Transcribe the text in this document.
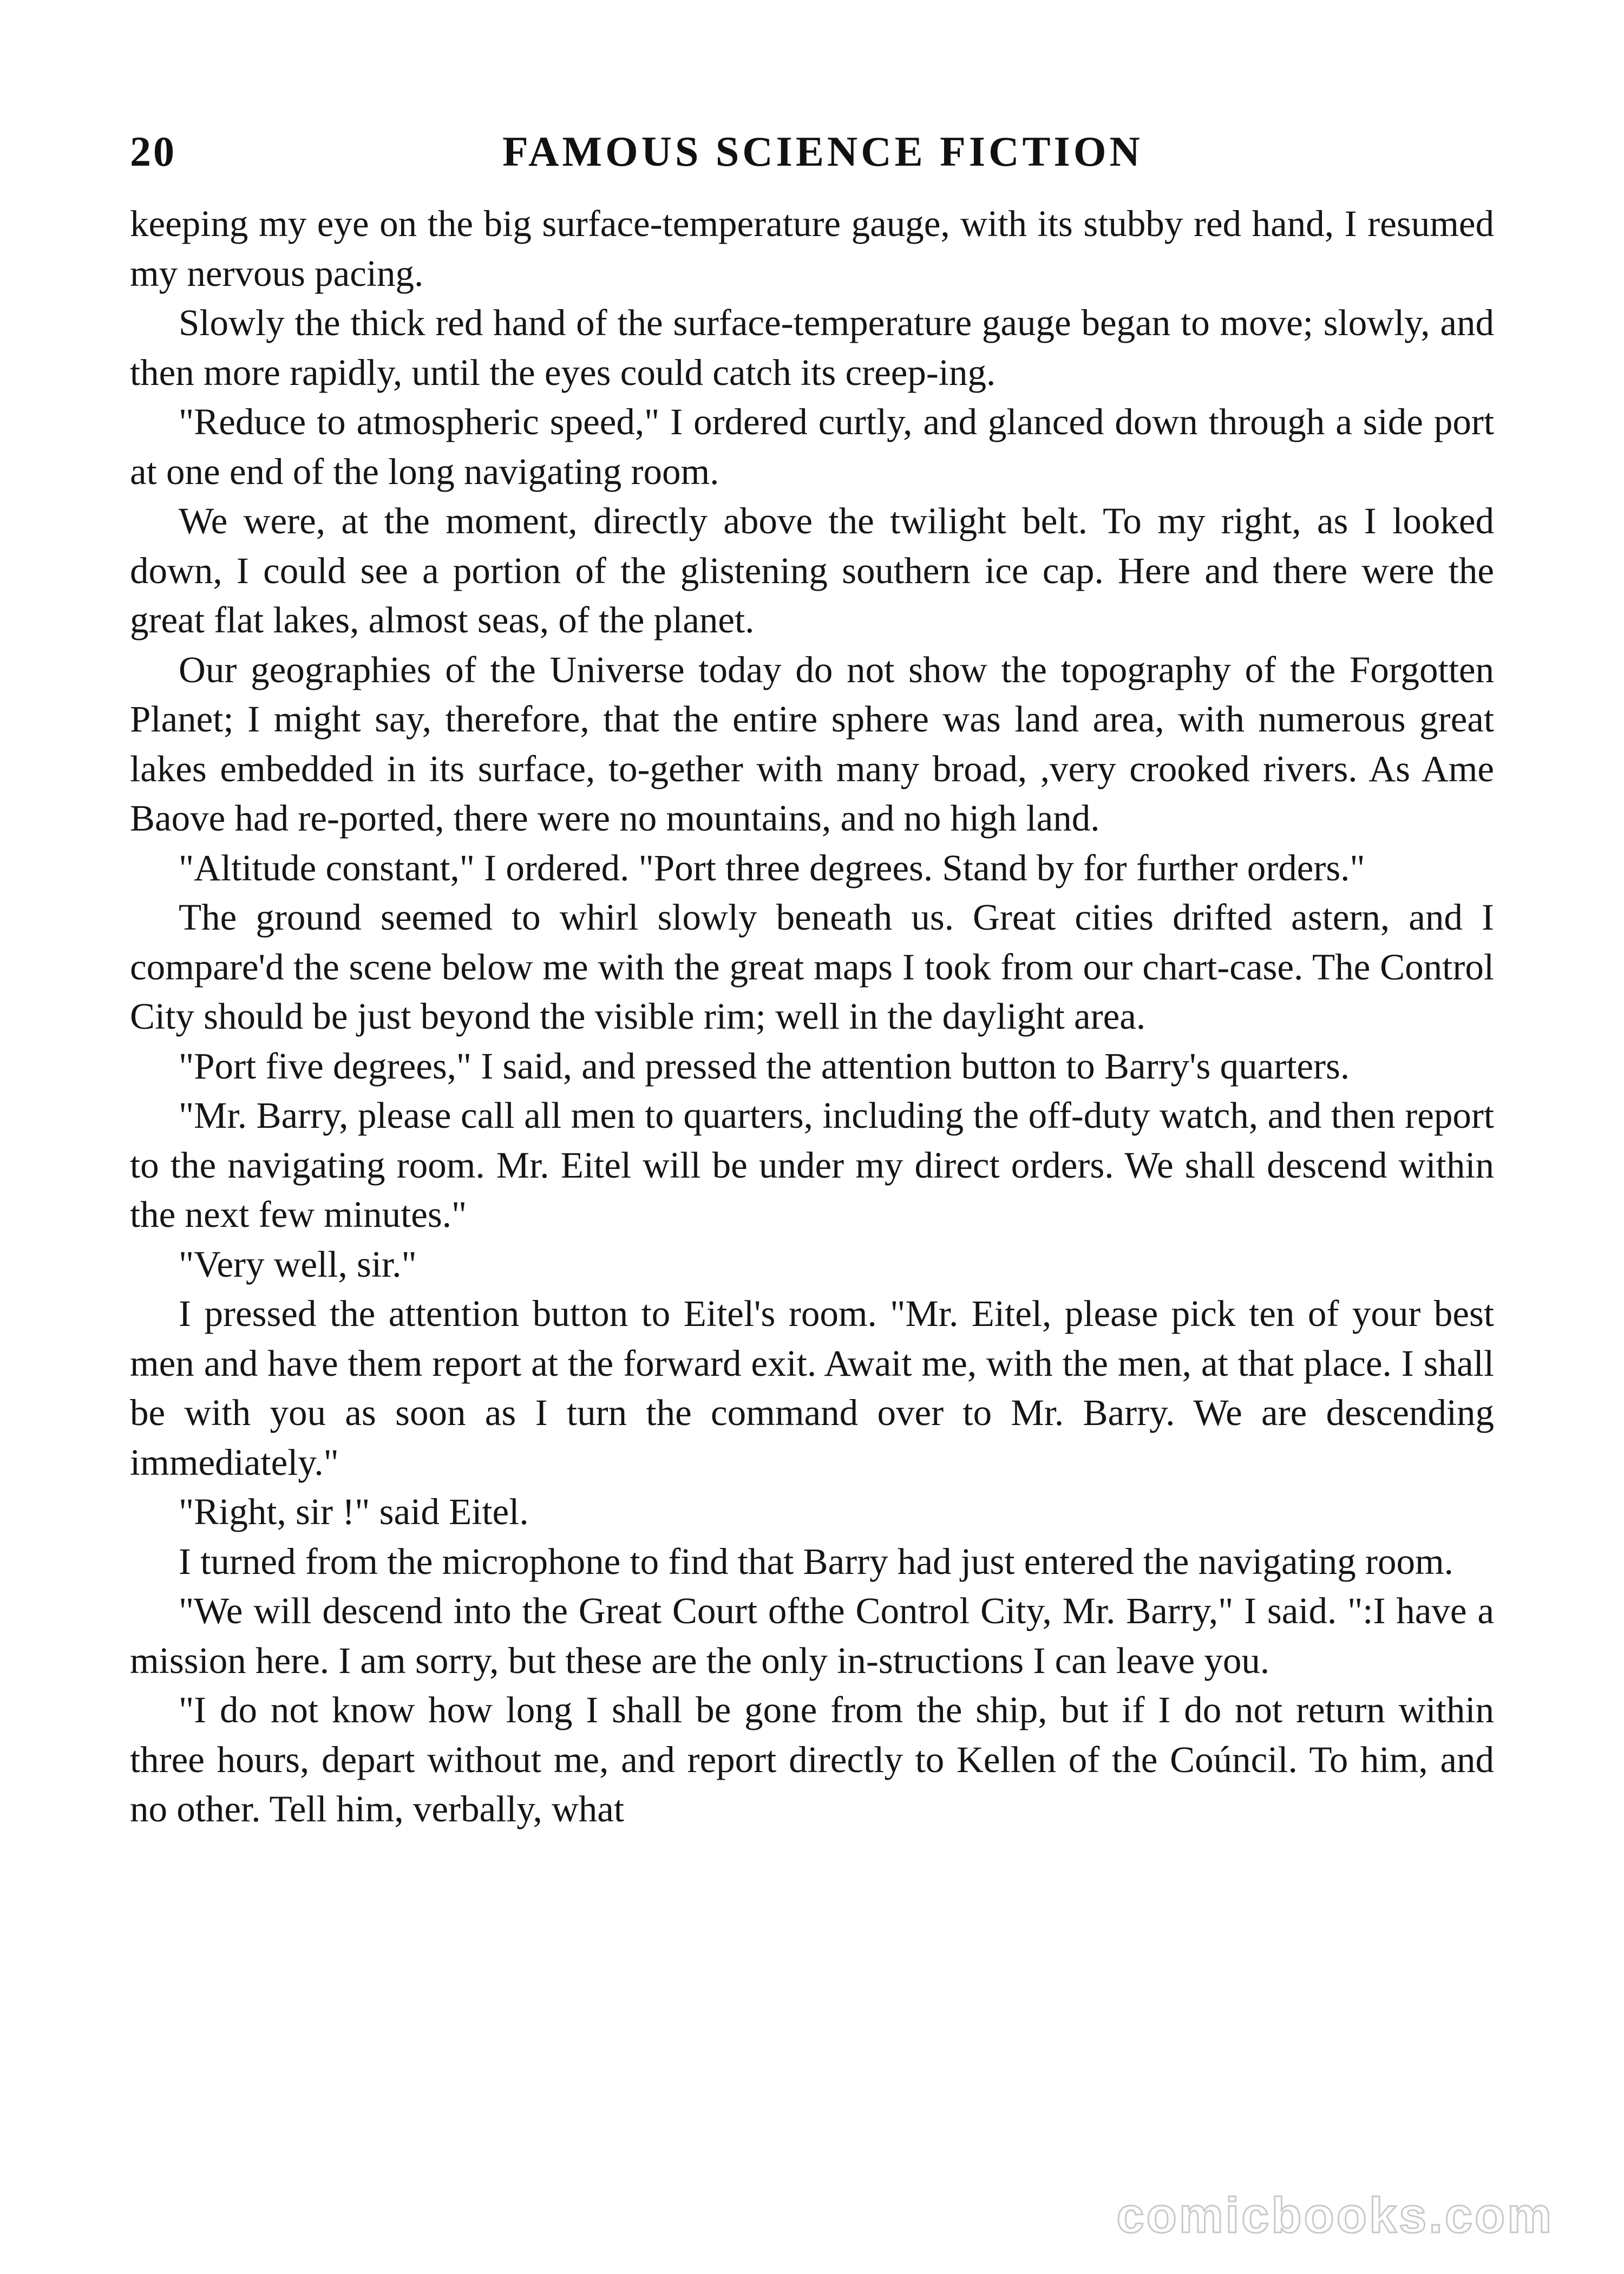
20	FAMOUS SCIENCE FICTION

keeping my eye on the big surface-temperature gauge, with its stubby red hand, I resumed my nervous pacing.

Slowly the thick red hand of the surface-temperature gauge began to move; slowly, and then more rapidly, until the eyes could catch its creep-ing.

"Reduce to atmospheric speed," I ordered curtly, and glanced down through a side port at one end of the long navigating room.

We were, at the moment, directly above the twilight belt. To my right, as I looked down, I could see a portion of the glistening southern ice cap. Here and there were the great flat lakes, almost seas, of the planet.

Our geographies of the Universe today do not show the topography of the Forgotten Planet; I might say, therefore, that the entire sphere was land area, with numerous great lakes embedded in its surface, to-gether with many broad, ,very crooked rivers. As Ame Baove had re-ported, there were no mountains, and no high land.

"Altitude constant," I ordered. "Port three degrees. Stand by for further orders."

The ground seemed to whirl slowly beneath us. Great cities drifted astern, and I compare'd the scene below me with the great maps I took from our chart-case. The Control City should be just beyond the visible rim; well in the daylight area.

"Port five degrees," I said, and pressed the attention button to Barry's quarters.

"Mr. Barry, please call all men to quarters, including the off-duty watch, and then report to the navigating room. Mr. Eitel will be under my direct orders. We shall descend within the next few minutes."

"Very well, sir."

I pressed the attention button to Eitel's room. "Mr. Eitel, please pick ten of your best men and have them report at the forward exit. Await me, with the men, at that place. I shall be with you as soon as I turn the command over to Mr. Barry. We are descending immediately."

"Right, sir !" said Eitel.

I turned from the microphone to find that Barry had just entered the navigating room.

"We will descend into the Great Court ofthe Control City, Mr. Barry," I said. ":I have a mission here. I am sorry, but these are the only in-structions I can leave you.

"I do not know how long I shall be gone from the ship, but if I do not return within three hours, depart without me, and report directly to Kellen of the Coúncil. To him, and no other. Tell him, verbally, what

comicbooks.com
